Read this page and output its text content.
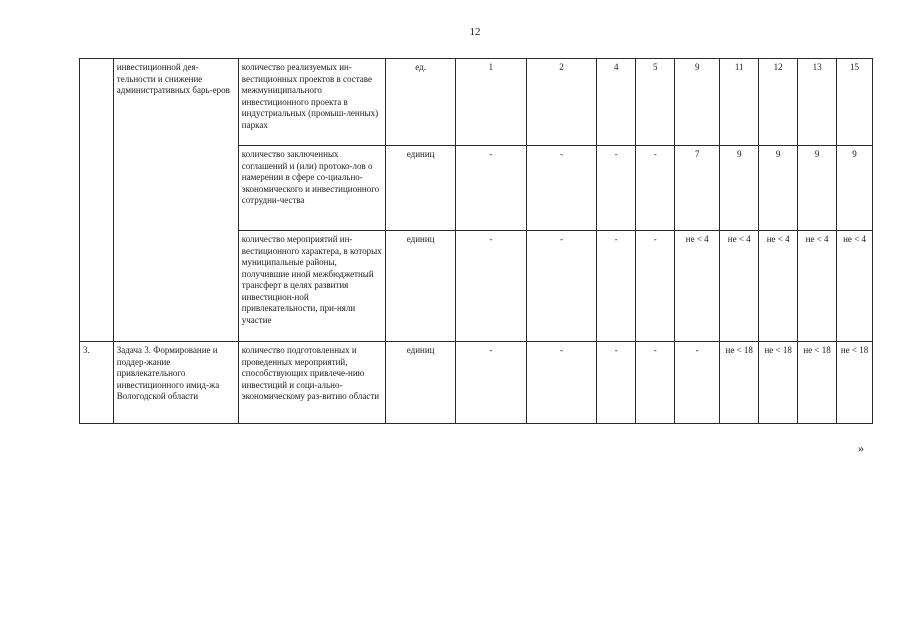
12
	инвестиционной дея-тельности и снижение административных барь-еров	количество реализуемых ин-вестиционных проектов в составе межмуниципального инвестиционного проекта в индустриальных (промыш-ленных) парках	ед.	1	2	4	5	9	11	12	13	15
		количество заключенных соглашений и (или) протоко-лов о намерении в сфере со-циально-экономического и инвестиционного сотрудни-чества	единиц	-	-	-	-	7	9	9	9	9
		количество мероприятий ин-вестиционного характера, в которых муниципальные районы, получившие иной межбюджетный трансферт в целях развития инвестицион-ной привлекательности, при-няли участие	единиц	-	-	-	-	не < 4	не < 4	не < 4	не < 4	не < 4
3.	Задача 3. Формирование и поддер-жание привлекательного инвестиционного имид-жа Вологодской области	количество подготовленных и проведенных мероприятий, способствующих привлече-нию инвестиций и соци-ально-экономическому раз-витию области	единиц	-	-	-	-	-	не < 18	не < 18	не < 18	не < 18
»
